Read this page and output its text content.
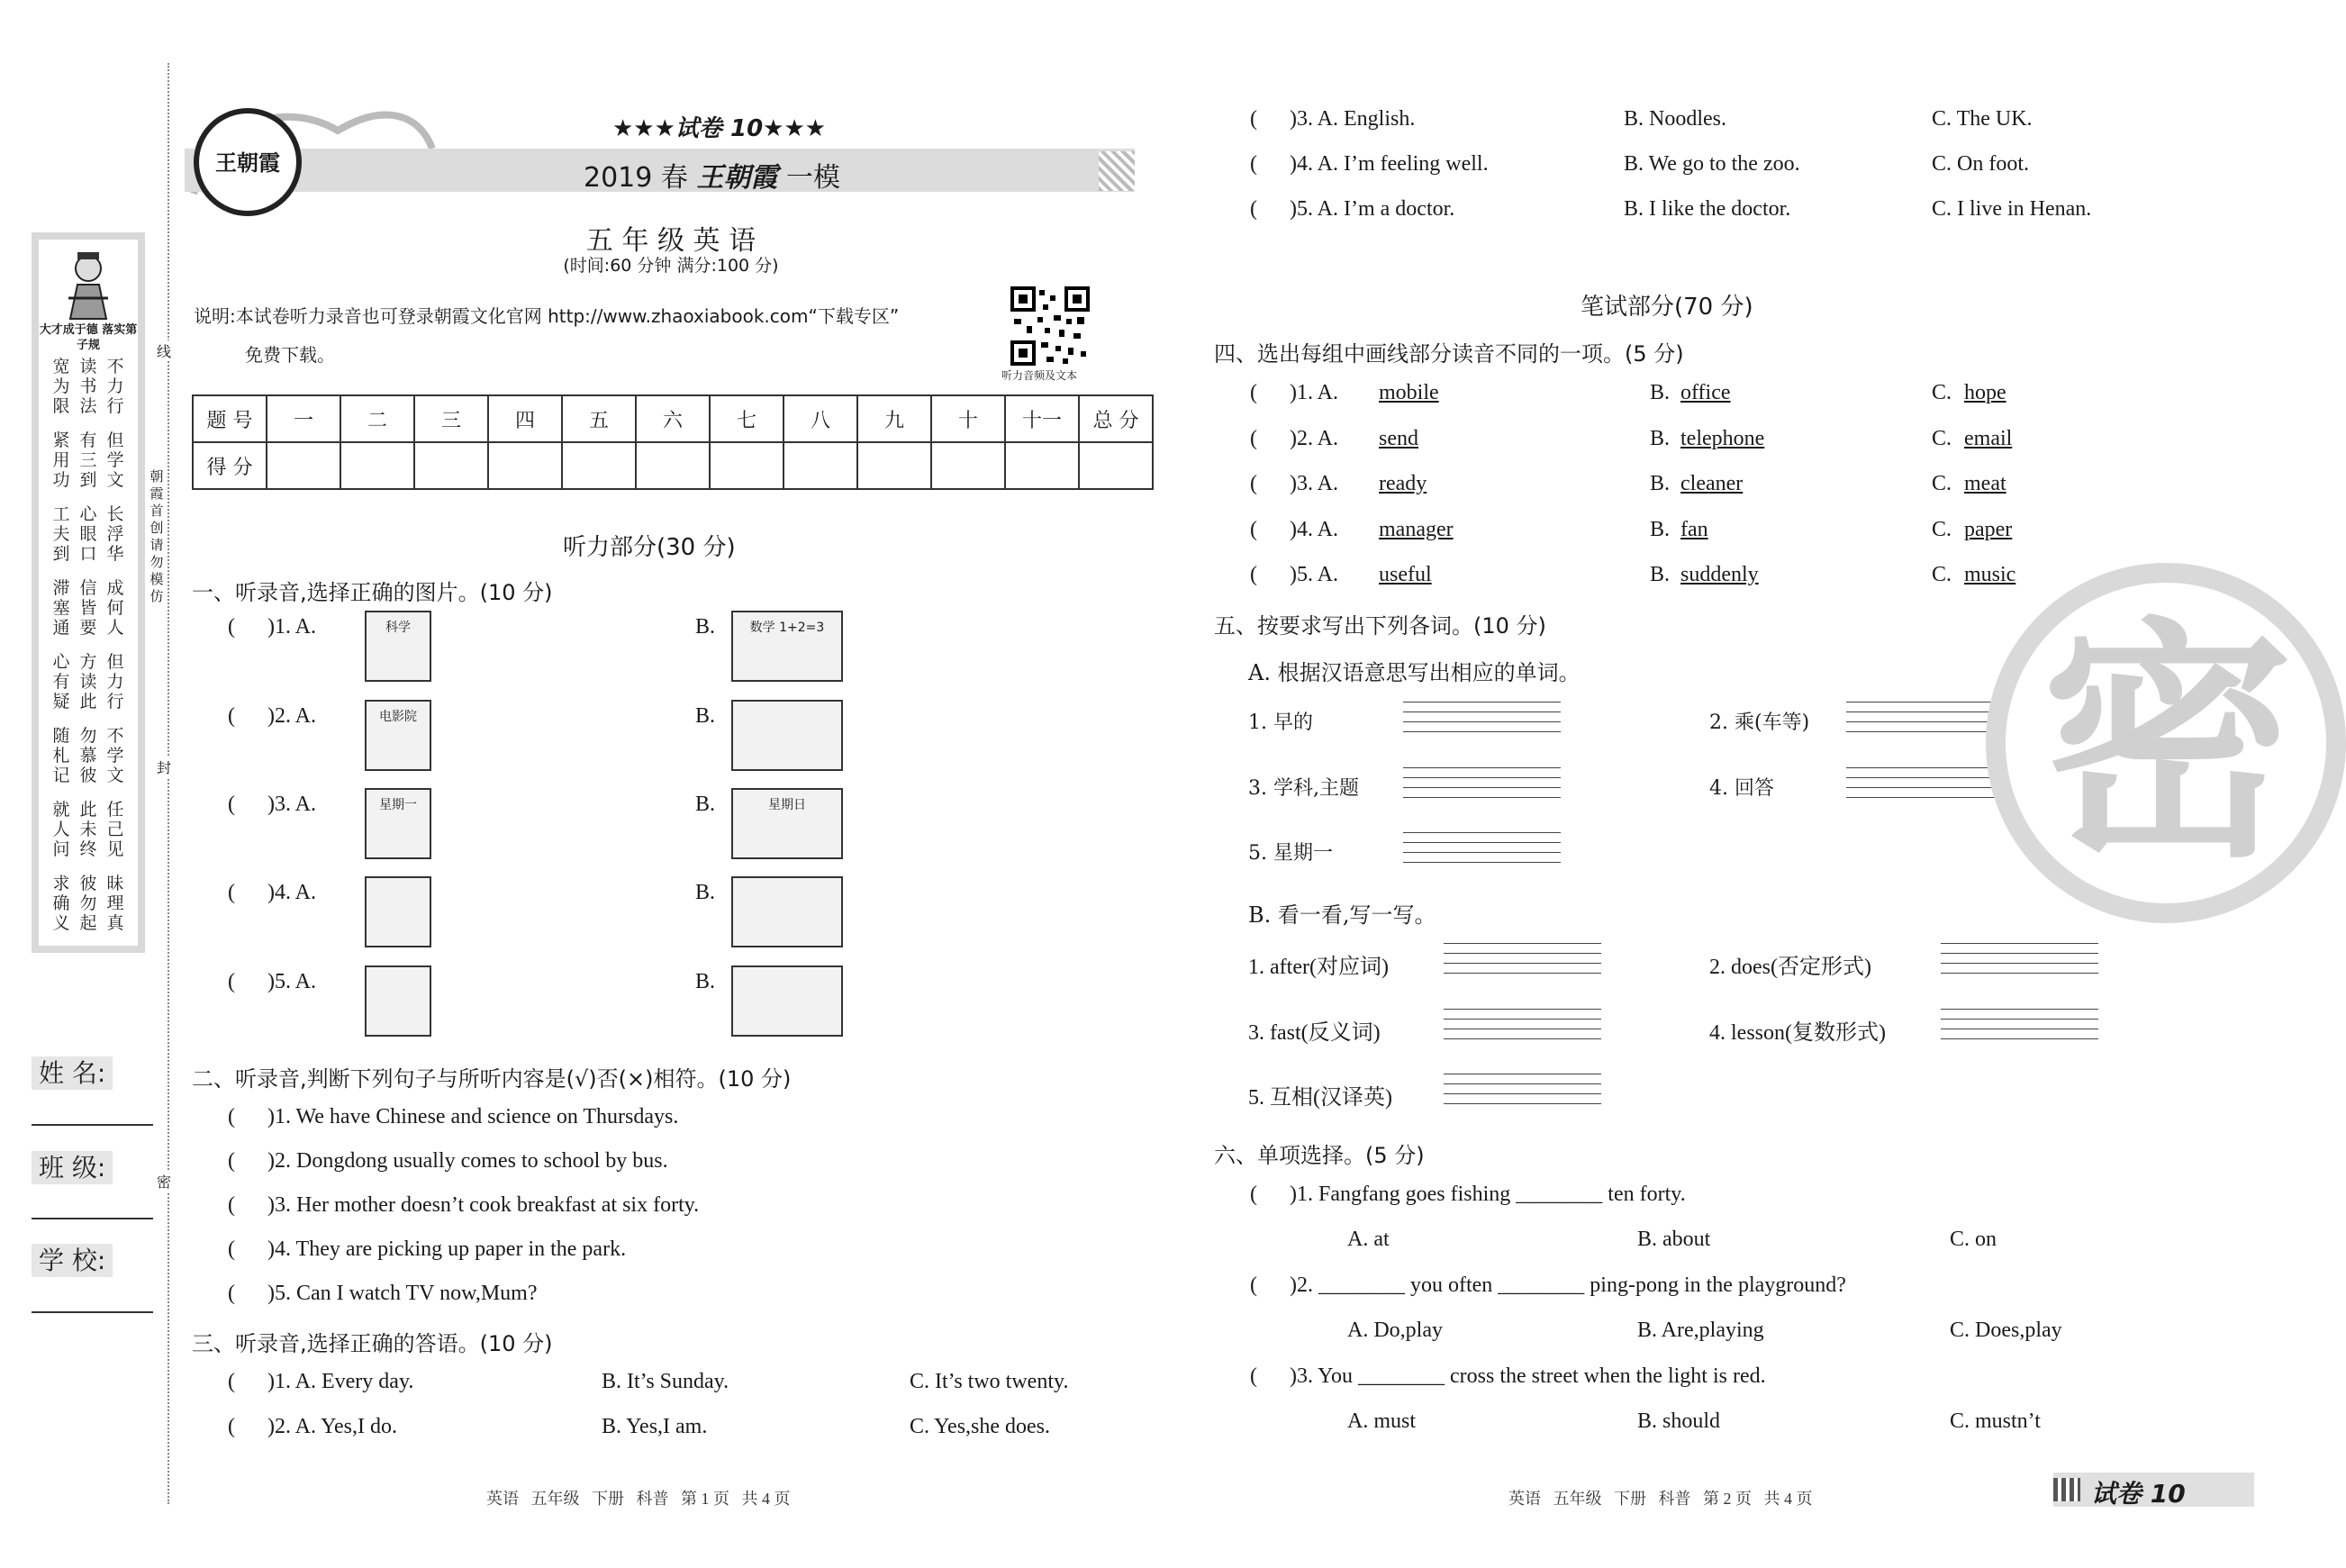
大才成于德 落实第子规
宽为限
读书法
不力行
紧用功
有三到
但学文
工夫到
心眼口
长浮华
滞塞通
信皆要
成何人
心有疑
方读此
但力行
随札记
勿慕彼
不学文
就人问
此未终
任己见
求确义
彼勿起
昧理真
线
朝霞首创 请勿模仿
封
密
姓 名:
班 级:
学 校:
王朝霞
★★★试卷 10★★★
2019 春 王朝霞 一模
五 年 级 英 语
(时间:60 分钟 满分:100 分)
说明:本试卷听力录音也可登录朝霞文化官网 http://www.zhaoxiabook.com“下载专区”
免费下载。
听力音频及文本
题 号	一	二	三	四	五	六	七	八	九	十	十一	总 分
得 分												
听力部分(30 分)
一、听录音,选择正确的图片。(10 分)
(      )1. A.	科学	B.	数学 1+2=3
(      )2. A.	电影院	B.
(      )3. A.	星期一	B.	星期日
(      )4. A.	B.
(      )5. A.	B.
二、听录音,判断下列句子与所听内容是(√)否(×)相符。(10 分)
(      )1. We have Chinese and science on Thursdays.
(      )2. Dongdong usually comes to school by bus.
(      )3. Her mother doesn’t cook breakfast at six forty.
(      )4. They are picking up paper in the park.
(      )5. Can I watch TV now,Mum?
三、听录音,选择正确的答语。(10 分)
(      )1. A. Every day.	B. It’s Sunday.	C. It’s two twenty.
(      )2. A. Yes,I do.	B. Yes,I am.	C. Yes,she does.
(      )3. A. English.	B. Noodles.	C. The UK.
(      )4. A. I’m feeling well.	B. We go to the zoo.	C. On foot.
(      )5. A. I’m a doctor.	B. I like the doctor.	C. I live in Henan.
笔试部分(70 分)
四、选出每组中画线部分读音不同的一项。(5 分)
(      )1. A. mobile	B. office	C. hope
(      )2. A. send	B. telephone	C. email
(      )3. A. ready	B. cleaner	C. meat
(      )4. A. manager	B. fan	C. paper
(      )5. A. useful	B. suddenly	C. music
五、按要求写出下列各词。(10 分)
A. 根据汉语意思写出相应的单词。
1. 早的	2. 乘(车等)
3. 学科,主题	4. 回答
5. 星期一
B. 看一看,写一写。
1. after(对应词)	2. does(否定形式)
3. fast(反义词)	4. lesson(复数形式)
5. 互相(汉译英)
六、单项选择。(5 分)
(      )1. Fangfang goes fishing ________ ten forty.
A. at	B. about	C. on
(      )2. ________ you often ________ ping-pong in the playground?
A. Do,play	B. Are,playing	C. Does,play
(      )3. You ________ cross the street when the light is red.
A. must	B. should	C. mustn’t
密
英语   五年级   下册   科普   第 1 页   共 4 页	英语   五年级   下册   科普   第 2 页   共 4 页	试卷 10
